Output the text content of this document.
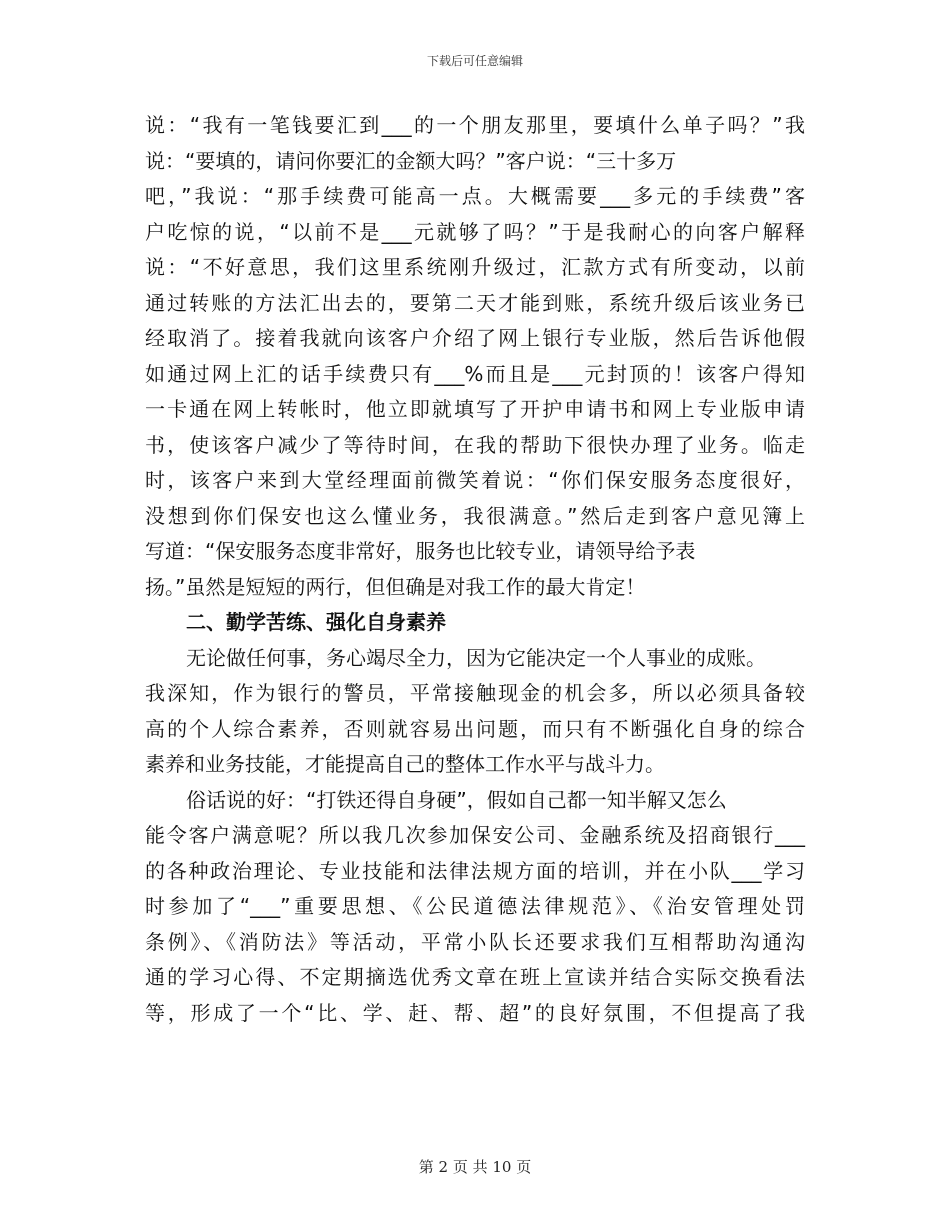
下载后可任意编辑
说：“我有一笔钱要汇到___的一个朋友那里，要填什么单子吗？”我
说：“要填的，请问你要汇的金额大吗？”客户说：“三十多万
吧，”我说：“那手续费可能高一点。大概需要___多元的手续费”客
户吃惊的说，“以前不是___元就够了吗？”于是我耐心的向客户解释
说：“不好意思，我们这里系统刚升级过，汇款方式有所变动，以前
通过转账的方法汇出去的，要第二天才能到账，系统升级后该业务已
经取消了。接着我就向该客户介绍了网上银行专业版，然后告诉他假
如通过网上汇的话手续费只有___%而且是___元封顶的！该客户得知
一卡通在网上转帐时，他立即就填写了开护申请书和网上专业版申请
书，使该客户减少了等待时间，在我的帮助下很快办理了业务。临走
时，该客户来到大堂经理面前微笑着说：“你们保安服务态度很好，
没想到你们保安也这么懂业务，我很满意。”然后走到客户意见簿上
写道：“保安服务态度非常好，服务也比较专业，请领导给予表
扬。”虽然是短短的两行，但但确是对我工作的最大肯定！
二、勤学苦练、强化自身素养
无论做任何事，务心竭尽全力，因为它能决定一个人事业的成账。
我深知，作为银行的警员，平常接触现金的机会多，所以必须具备较
高的个人综合素养，否则就容易出问题，而只有不断强化自身的综合
素养和业务技能，才能提高自己的整体工作水平与战斗力。
俗话说的好：“打铁还得自身硬”，假如自己都一知半解又怎么
能令客户满意呢？所以我几次参加保安公司、金融系统及招商银行___
的各种政治理论、专业技能和法律法规方面的培训，并在小队___学习
时参加了“___”重要思想、《公民道德法律规范》、《治安管理处罚
条例》、《消防法》等活动，平常小队长还要求我们互相帮助沟通沟
通的学习心得、不定期摘选优秀文章在班上宣读并结合实际交换看法
等，形成了一个“比、学、赶、帮、超”的良好氛围，不但提高了我
第 2 页 共 10 页
